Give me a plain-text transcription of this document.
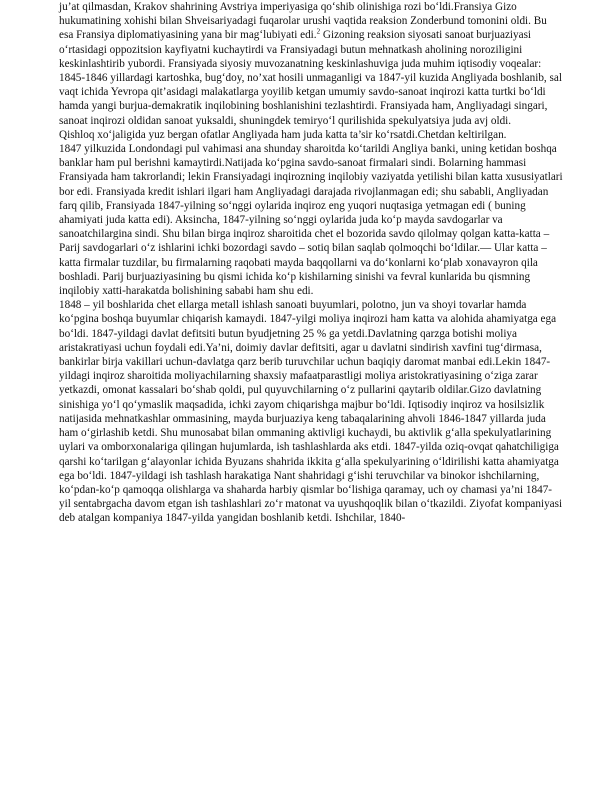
ju’at qilmasdan, Krakov shahrining Avstriya imperiyasiga qo‘shib olinishiga rozi bo‘ldi.Fransiya Gizo hukumatining xohishi bilan Shveisariyadagi fuqarolar urushi vaqtida reaksion Zonderbund tomonini oldi. Bu esa Fransiya diplomatiyasining yana bir mag‘lubiyati edi.$^2$ Gizoning reaksion siyosati sanoat burjuaziyasi o‘rtasidagi oppozitsion kayfiyatni kuchaytirdi va Fransiyadagi butun mehnatkash aholining noroziligini keskinlashtirib yubordi. Fransiyada siyosiy muvozanatning keskinlashuviga juda muhim iqtisodiy voqealar: 1845-1846 yillardagi kartoshka, bug‘doy, no’xat hosili unmaganligi va 1847-yil kuzida Angliyada boshlanib, sal vaqt ichida Yevropa qit’asidagi malakatlarga yoyilib ketgan umumiy savdo-sanoat inqirozi katta turtki bo‘ldi hamda yangi burjua-demakratik inqilobining boshlanishini tezlashtirdi. Fransiyada ham, Angliyadagi singari, sanoat inqirozi oldidan sanoat yuksaldi, shuningdek temiryo‘l qurilishida spekulyatsiya juda avj oldi.

Qishloq xo‘jaligida yuz bergan ofatlar Angliyada ham juda katta ta’sir ko‘rsatdi.Chetdan keltirilgan.

1847 yilkuzida Londondagi pul vahimasi ana shunday sharoitda ko‘tarildi Angliya banki, uning ketidan boshqa banklar ham pul berishni kamaytirdi.Natijada ko‘pgina savdo-sanoat firmalari sindi. Bolarning hammasi Fransiyada ham takrorlandi; lekin Fransiyadagi inqirozning inqilobiy vaziyatda yetilishi bilan katta xususiyatlari bor edi. Fransiyada kredit ishlari ilgari ham Angliyadagi darajada rivojlanmagan edi; shu sababli, Angliyadan farq qilib, Fransiyada 1847-yilning so‘nggi oylarida inqiroz eng yuqori nuqtasiga yetmagan edi ( buning ahamiyati juda katta edi). Aksincha, 1847-yilning so‘nggi oylarida juda ko‘p mayda savdogarlar va sanoatchilargina sindi. Shu bilan birga inqiroz sharoitida chet el bozorida savdo qilolmay qolgan katta-katta –Parij savdogarlari o‘z ishlarini ichki bozordagi savdo – sotiq bilan saqlab qolmoqchi bo‘ldilar.— Ular katta – katta firmalar tuzdilar, bu firmalarning raqobati mayda baqqollarni va do‘konlarni ko‘plab xonavayron qila boshladi. Parij burjuaziyasining bu qismi ichida ko‘p kishilarning sinishi va fevral kunlarida bu qismning inqilobiy xatti-harakatda bolishining sababi ham shu edi.

1848 – yil boshlarida chet ellarga metall ishlash sanoati buyumlari, polotno, jun va shoyi tovarlar hamda ko‘pgina boshqa buyumlar chiqarish kamaydi. 1847-yilgi moliya inqirozi ham katta va alohida ahamiyatga ega bo‘ldi. 1847-yildagi davlat defitsiti butun byudjetning 25 % ga yetdi.Davlatning qarzga botishi moliya aristakratiyasi uchun foydali edi.Ya’ni, doimiy davlar defitsiti, agar u davlatni sindirish xavfini tug‘dirmasa, bankirlar birja vakillari uchun-davlatga qarz berib turuvchilar uchun baqiqiy daromat manbai edi.Lekin 1847-yildagi inqiroz sharoitida moliyachilarning shaxsiy mafaatparastligi moliya aristokratiyasining o‘ziga zarar yetkazdi, omonat kassalari bo‘shab qoldi, pul quyuvchilarning o‘z pullarini qaytarib oldilar.Gizo davlatning sinishiga yo‘l qo‘ymaslik maqsadida, ichki zayom chiqarishga majbur bo‘ldi. Iqtisodiy inqiroz va hosilsizlik natijasida mehnatkashlar ommasining, mayda burjuaziya keng tabaqalarining ahvoli 1846-1847 yillarda juda ham o‘girlashib ketdi. Shu munosabat bilan ommaning aktivligi kuchaydi, bu aktivlik g‘alla spekulyatlarining uylari va omborxonalariga qilingan hujumlarda, ish tashlashlarda aks etdi. 1847-yilda oziq-ovqat qahatchiligiga qarshi ko‘tarilgan g‘alayonlar ichida Byuzans shahrida ikkita g‘alla spekulyarining o‘ldirilishi katta ahamiyatga ega bo‘ldi. 1847-yildagi ish tashlash harakatiga Nant shahridagi g‘ishi teruvchilar va binokor ishchilarning, ko‘pdan-ko‘p qamoqqa olishlarga va shaharda harbiy qismlar bo‘lishiga qaramay, uch oy chamasi ya’ni 1847-yil sentabrgacha davom etgan ish tashlashlari zo‘r matonat va uyushqoqlik bilan o‘tkazildi. Ziyofat kompaniyasi deb atalgan kompaniya 1847-yilda yangidan boshlanib ketdi. Ishchilar, 1840-
